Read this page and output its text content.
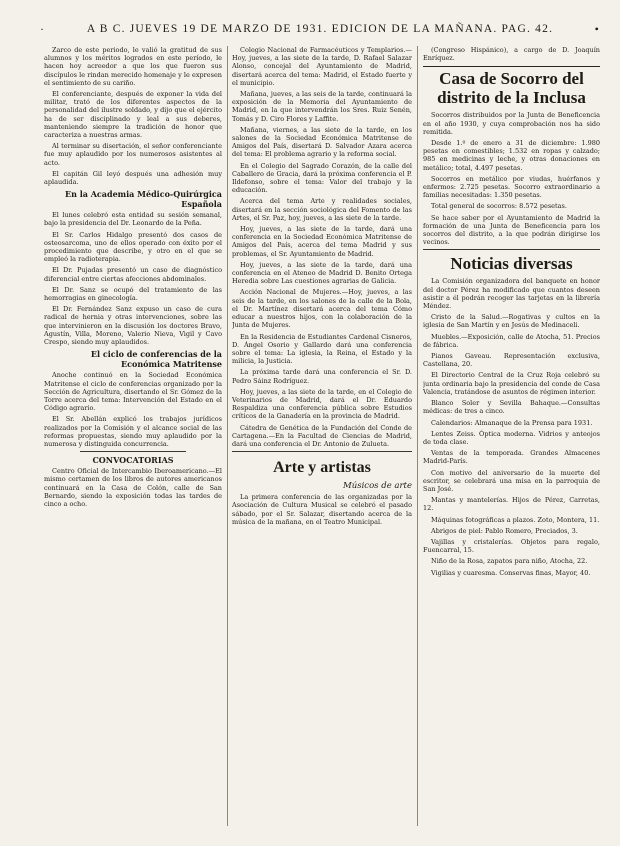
·	A B C. JUEVES 19 DE MARZO DE 1931. EDICION DE LA MAÑANA. PAG. 42.	•

Zarco de este periodo, le valió la gratitud de sus alumnos y los méritos logrados en este período, le hacen hoy acreedor a que los que fueron sus discípulos le rindan merecido homenaje y le expresen el sentimiento de su cariño.

El conferenciante, después de exponer la vida del militar, trató de los diferentes aspectos de la personalidad del ilustre soldado, y dijo que el ejército ha de ser disciplinado y leal a sus deberes, manteniendo siempre la tradición de honor que caracteriza a nuestras armas.

Al terminar su disertación, el señor conferenciante fue muy aplaudido por los numerosos asistentes al acto.

El capitán Gil leyó después una adhesión muy aplaudida.

En la Academia Médico-Quirúrgica Española

El lunes celebró esta entidad su sesión semanal, bajo la presidencia del Dr. Leonardo de la Peña.

El Sr. Carlos Hidalgo presentó dos casos de osteosarcoma, uno de ellos operado con éxito por el procedimiento que describe, y otro en el que se empleó la radioterapia.

El Dr. Pujadas presentó un caso de diagnóstico diferencial entre ciertas afecciones abdominales.

El Dr. Sanz se ocupó del tratamiento de las hemorragias en ginecología.

El Dr. Fernández Sanz expuso un caso de cura radical de hernia y otras intervenciones, sobre las que intervinieron en la discusión los doctores Bravo, Agustín, Villa, Moreno, Valerio Nieva, Vigil y Cavo Crespo, siendo muy aplaudidos.

El ciclo de conferencias de la Económica Matritense

Anoche continuó en la Sociedad Económica Matritense el ciclo de conferencias organizado por la Sección de Agricultura, disertando el Sr. Gómez de la Torre acerca del tema: Intervención del Estado en el Código agrario.

El Sr. Abellán explicó los trabajos jurídicos realizados por la Comisión y el alcance social de las reformas propuestas, siendo muy aplaudido por la numerosa y distinguida concurrencia.

CONVOCATORIAS

Centro Oficial de Intercambio Iberoamericano.—El mismo certamen de los libros de autores americanos continuará en la Casa de Colón, calle de San Bernardo, siendo la exposición todas las tardes de cinco a ocho.

Colegio Nacional de Farmacéuticos y Templarios.—Hoy, jueves, a las siete de la tarde, D. Rafael Salazar Alonso, concejal del Ayuntamiento de Madrid, disertará acerca del tema: Madrid, el Estado fuerte y el municipio.

Mañana, jueves, a las seis de la tarde, continuará la exposición de la Memoria del Ayuntamiento de Madrid, en la que intervendrán los Sres. Ruiz Senén, Tomás y D. Ciro Flores y Laffite.

Mañana, viernes, a las siete de la tarde, en los salones de la Sociedad Económica Matritense de Amigos del País, disertará D. Salvador Azara acerca del tema: El problema agrario y la reforma social.

En el Colegio del Sagrado Corazón, de la calle del Caballero de Gracia, dará la próxima conferencia el P. Ildefonso, sobre el tema: Valor del trabajo y la educación.

Acerca del tema Arte y realidades sociales, disertará en la sección sociológica del Fomento de las Artes, el Sr. Paz, hoy, jueves, a las siete de la tarde.

Hoy, jueves, a las siete de la tarde, dará una conferencia en la Sociedad Económica Matritense de Amigos del País, acerca del tema Madrid y sus problemas, el Sr. Ayuntamiento de Madrid.

Hoy, jueves, a las siete de la tarde, dará una conferencia en el Ateneo de Madrid D. Benito Ortega Heredia sobre Las cuestiones agrarias de Galicia.

Acción Nacional de Mujeres.—Hoy, jueves, a las seis de la tarde, en los salones de la calle de la Bola, el Dr. Martínez disertará acerca del tema Cómo educar a nuestros hijos, con la colaboración de la Junta de Mujeres.

En la Residencia de Estudiantes Cardenal Cisneros, D. Ángel Osorio y Gallardo dará una conferencia sobre el tema: La iglesia, la Reina, el Estado y la milicia, la Justicia.

La próxima tarde dará una conferencia el Sr. D. Pedro Sáinz Rodríguez.

Hoy, jueves, a las siete de la tarde, en el Colegio de Veterinarios de Madrid, dará el Dr. Eduardo Respaldiza una conferencia pública sobre Estudios críticos de la Ganadería en la provincia de Madrid.

Cátedra de Genética de la Fundación del Conde de Cartagena.—En la Facultad de Ciencias de Madrid, dará una conferencia el Dr. Antonio de Zulueta.

Arte y artistas
Músicos de arte

La primera conferencia de las organizadas por la Asociación de Cultura Musical se celebró el pasado sábado, por el Sr. Salazar, disertando acerca de la música de la mañana, en el Teatro Municipal.

(Congreso Hispánico), a cargo de D. Joaquín Enríquez.

Casa de Socorro del distrito de la Inclusa

Socorros distribuidos por la Junta de Beneficencia en el año 1930, y cuya comprobación nos ha sido remitida.

Desde 1.º de enero a 31 de diciembre: 1.980 pesetas en comestibles; 1.532 en ropas y calzado; 985 en medicinas y leche, y otras donaciones en metálico; total, 4.497 pesetas.

Socorros en metálico por viudas, huérfanos y enfermos: 2.725 pesetas. Socorro extraordinario a familias necesitadas: 1.350 pesetas.

Total general de socorros: 8.572 pesetas.

Se hace saber por el Ayuntamiento de Madrid la formación de una Junta de Beneficencia para los socorros del distrito, a la que podrán dirigirse los vecinos.

Noticias diversas

La Comisión organizadora del banquete en honor del doctor Pérez ha modificado que cuantos deseen asistir a él podrán recoger las tarjetas en la librería Méndez.

Cristo de la Salud.—Rogativas y cultos en la iglesia de San Martín y en Jesús de Medinaceli.

Muebles.—Exposición, calle de Atocha, 51. Precios de fábrica.

Pianos Gaveau. Representación exclusiva, Castellana, 20.

El Directorio Central de la Cruz Roja celebró su junta ordinaria bajo la presidencia del conde de Casa Valencia, tratándose de asuntos de régimen interior.

Blanco Soler y Sevilla Bahaque.—Consultas médicas: de tres a cinco.

Calendarios: Almanaque de la Prensa para 1931.

Lentes Zeiss. Óptica moderna. Vidrios y anteojos de toda clase.

Ventas de la temporada. Grandes Almacenes Madrid-París.

Con motivo del aniversario de la muerte del escritor, se celebrará una misa en la parroquia de San José.

Mantas y mantelerías. Hijos de Pérez, Carretas, 12.

Máquinas fotográficas a plazos. Zoto, Montera, 11.

Abrigos de piel: Pablo Romero, Preciados, 3.

Vajillas y cristalerías. Objetos para regalo, Fuencarral, 15.

Niño de la Rosa, zapatos para niño, Atocha, 22.

Vigilias y cuaresma. Conservas finas, Mayor, 40.
